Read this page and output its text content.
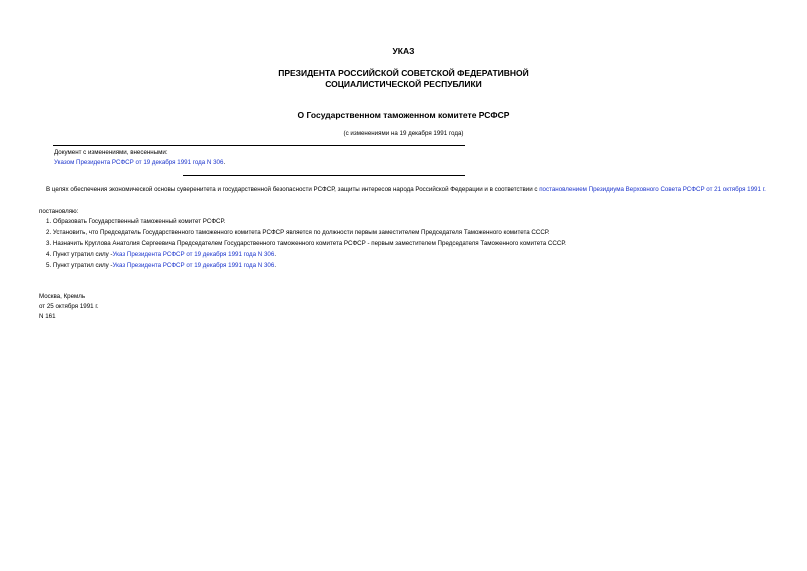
УКАЗ
ПРЕЗИДЕНТА РОССИЙСКОЙ СОВЕТСКОЙ ФЕДЕРАТИВНОЙ
СОЦИАЛИСТИЧЕСКОЙ РЕСПУБЛИКИ
О Государственном таможенном комитете РСФСР
(с изменениями на 19 декабря 1991 года)
Документ с изменениями, внесенными:
Указом Президента РСФСР от 19 декабря 1991 года N 306.
В целях обеспечения экономической основы суверенитета и государственной безопасности РСФСР, защиты интересов народа Российской Федерации и в соответствии с постановлением Президиума Верховного Совета РСФСР от 21 октября 1991 г.
постановляю:
1. Образовать Государственный таможенный комитет РСФСР.
2. Установить, что Председатель Государственного таможенного комитета РСФСР является по должности первым заместителем Председателя Таможенного комитета СССР.
3. Назначить Круглова Анатолия Сергеевича Председателем Государственного таможенного комитета РСФСР - первым заместителем Председателя Таможенного комитета СССР.
4. Пункт утратил силу -Указ Президента РСФСР от 19 декабря 1991 года N 306.
5. Пункт утратил силу -Указ Президента РСФСР от 19 декабря 1991 года N 306.
Москва, Кремль
от 25 октября 1991 г.
N 161
